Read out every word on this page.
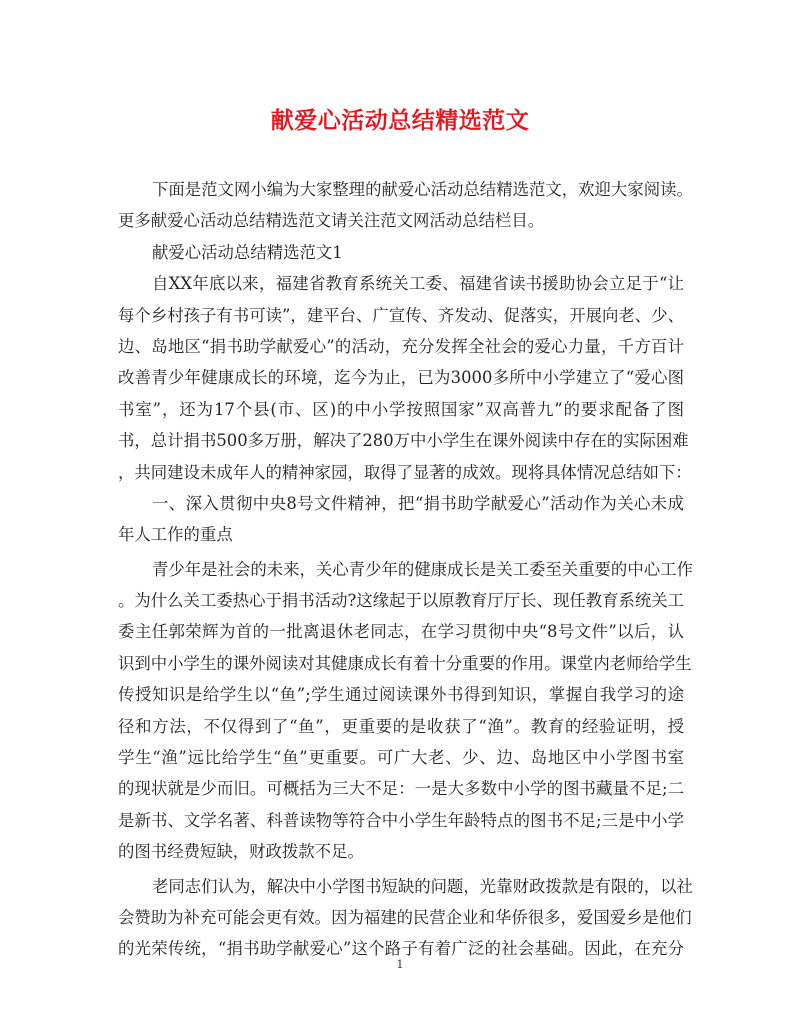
献爱心活动总结精选范文
下面是范文网小编为大家整理的献爱心活动总结精选范文，欢迎大家阅读。
更多献爱心活动总结精选范文请关注范文网活动总结栏目。
献爱心活动总结精选范文1
自XX年底以来，福建省教育系统关工委、福建省读书援助协会立足于“让
每个乡村孩子有书可读”，建平台、广宣传、齐发动、促落实，开展向老、少、
边、岛地区“捐书助学献爱心”的活动，充分发挥全社会的爱心力量，千方百计
改善青少年健康成长的环境，迄今为止，已为3000多所中小学建立了“爱心图
书室”，还为17个县(市、区)的中小学按照国家”双高普九”的要求配备了图
书，总计捐书500多万册，解决了280万中小学生在课外阅读中存在的实际困难
，共同建设未成年人的精神家园，取得了显著的成效。现将具体情况总结如下：
一、深入贯彻中央8号文件精神，把“捐书助学献爱心”活动作为关心未成
年人工作的重点
青少年是社会的未来，关心青少年的健康成长是关工委至关重要的中心工作
。为什么关工委热心于捐书活动?这缘起于以原教育厅厅长、现任教育系统关工
委主任郭荣辉为首的一批离退休老同志，在学习贯彻中央“8号文件”以后，认
识到中小学生的课外阅读对其健康成长有着十分重要的作用。课堂内老师给学生
传授知识是给学生以“鱼”;学生通过阅读课外书得到知识，掌握自我学习的途
径和方法，不仅得到了“鱼”，更重要的是收获了“渔”。教育的经验证明，授
学生“渔”远比给学生“鱼”更重要。可广大老、少、边、岛地区中小学图书室
的现状就是少而旧。可概括为三大不足：一是大多数中小学的图书藏量不足;二
是新书、文学名著、科普读物等符合中小学生年龄特点的图书不足;三是中小学
的图书经费短缺，财政拨款不足。
老同志们认为，解决中小学图书短缺的问题，光靠财政拨款是有限的，以社
会赞助为补充可能会更有效。因为福建的民营企业和华侨很多，爱国爱乡是他们
的光荣传统，“捐书助学献爱心”这个路子有着广泛的社会基础。因此，在充分
1
